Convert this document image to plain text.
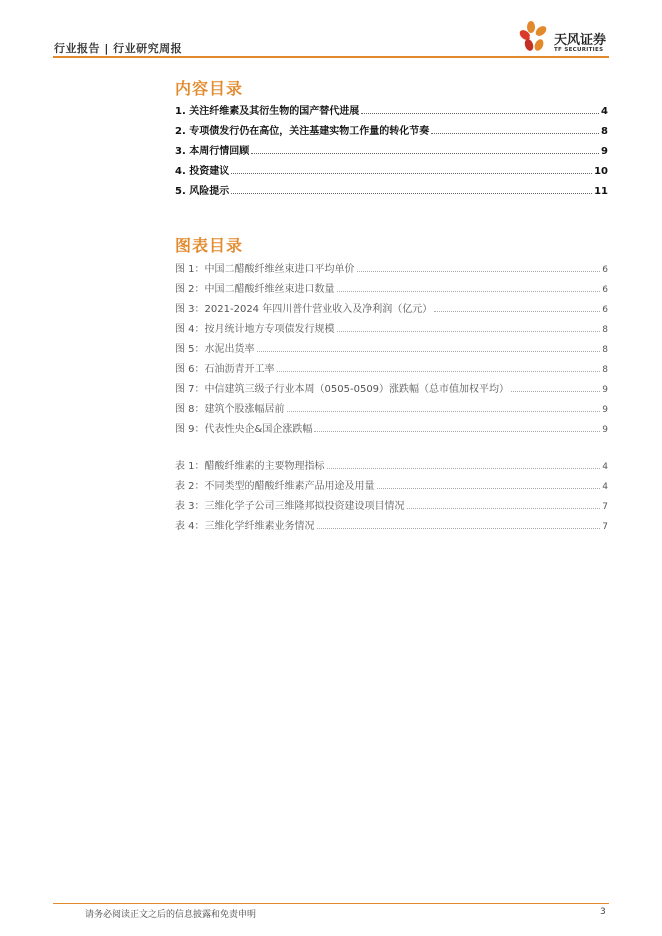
行业报告 | 行业研究周报
天风证券
TF SECURITIES
内容目录
1. 关注纤维素及其衍生物的国产替代进展	4
2. 专项债发行仍在高位，关注基建实物工作量的转化节奏	8
3. 本周行情回顾	9
4. 投资建议	10
5. 风险提示	11
图表目录
图 1：中国二醋酸纤维丝束进口平均单价	6
图 2：中国二醋酸纤维丝束进口数量	6
图 3：2021-2024 年四川普什营业收入及净利润（亿元）	6
图 4：按月统计地方专项债发行规模	8
图 5：水泥出货率	8
图 6：石油沥青开工率	8
图 7：中信建筑三级子行业本周（0505-0509）涨跌幅（总市值加权平均）	9
图 8：建筑个股涨幅居前	9
图 9：代表性央企&国企涨跌幅	9
表 1：醋酸纤维素的主要物理指标	4
表 2：不同类型的醋酸纤维素产品用途及用量	4
表 3：三维化学子公司三维隆邦拟投资建设项目情况	7
表 4：三维化学纤维素业务情况	7
请务必阅读正文之后的信息披露和免责申明	3
